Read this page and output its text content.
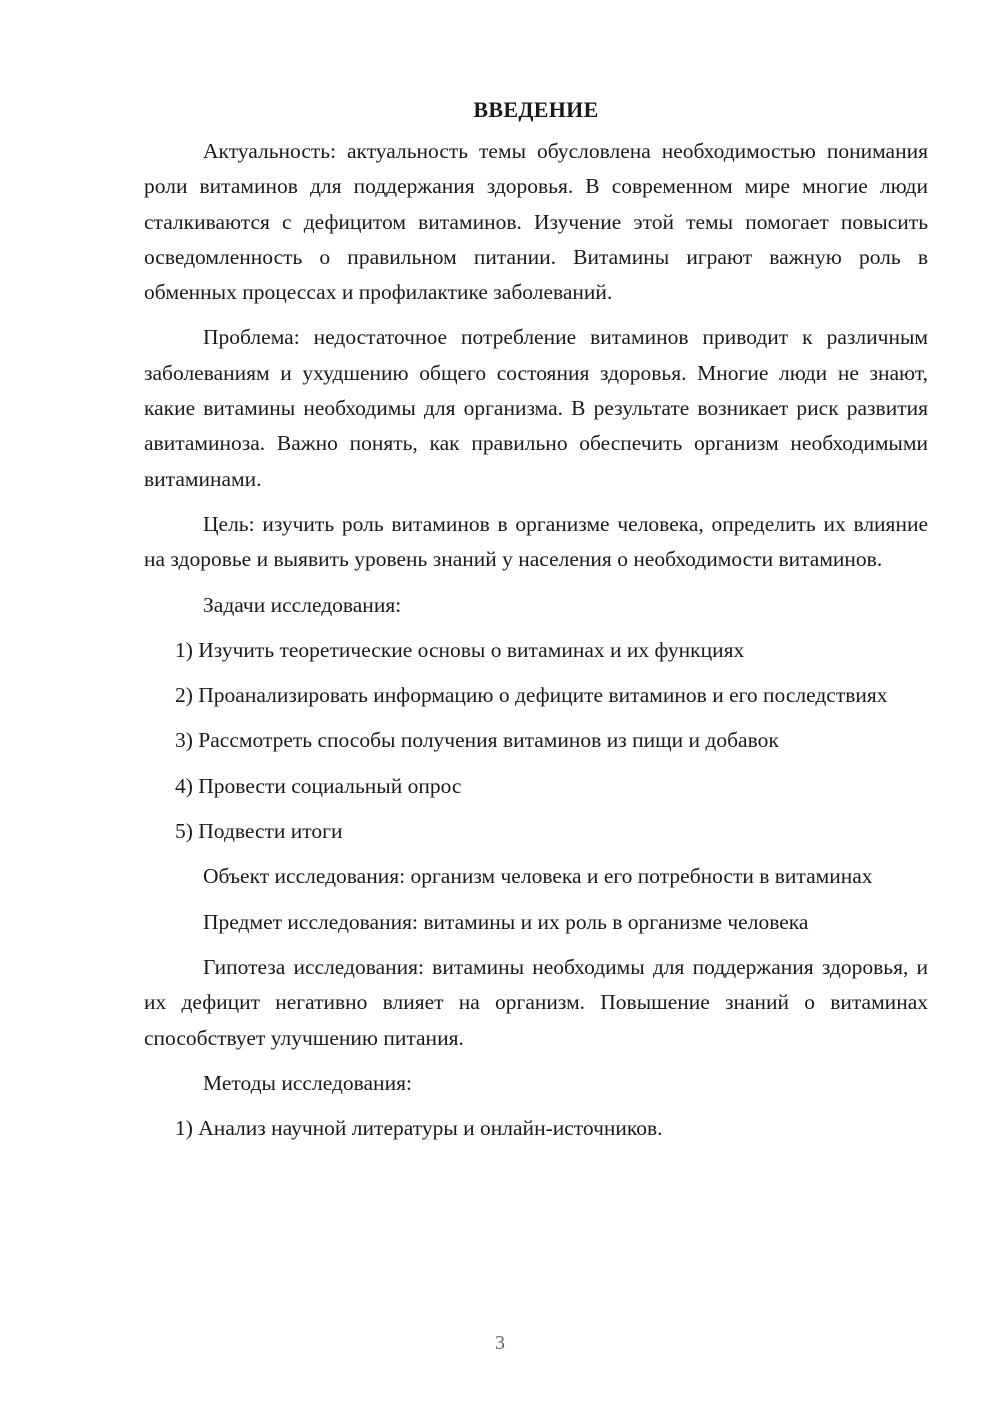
ВВЕДЕНИЕ

Актуальность: актуальность темы обусловлена необходимостью понимания роли витаминов для поддержания здоровья. В современном мире многие люди сталкиваются с дефицитом витаминов. Изучение этой темы помогает повысить осведомленность о правильном питании. Витамины играют важную роль в обменных процессах и профилактике заболеваний.

Проблема: недостаточное потребление витаминов приводит к различным заболеваниям и ухудшению общего состояния здоровья. Многие люди не знают, какие витамины необходимы для организма. В результате возникает риск развития авитаминоза. Важно понять, как правильно обеспечить организм необходимыми витаминами.

Цель: изучить роль витаминов в организме человека, определить их влияние на здоровье и выявить уровень знаний у населения о необходимости витаминов.

Задачи исследования:

1) Изучить теоретические основы о витаминах и их функциях

2) Проанализировать информацию о дефиците витаминов и его последствиях

3) Рассмотреть способы получения витаминов из пищи и добавок

4) Провести социальный опрос

5) Подвести итоги

Объект исследования: организм человека и его потребности в витаминах

Предмет исследования: витамины и их роль в организме человека

Гипотеза исследования: витамины необходимы для поддержания здоровья, и их дефицит негативно влияет на организм. Повышение знаний о витаминах способствует улучшению питания.

Методы исследования:

1) Анализ научной литературы и онлайн-источников.

3
